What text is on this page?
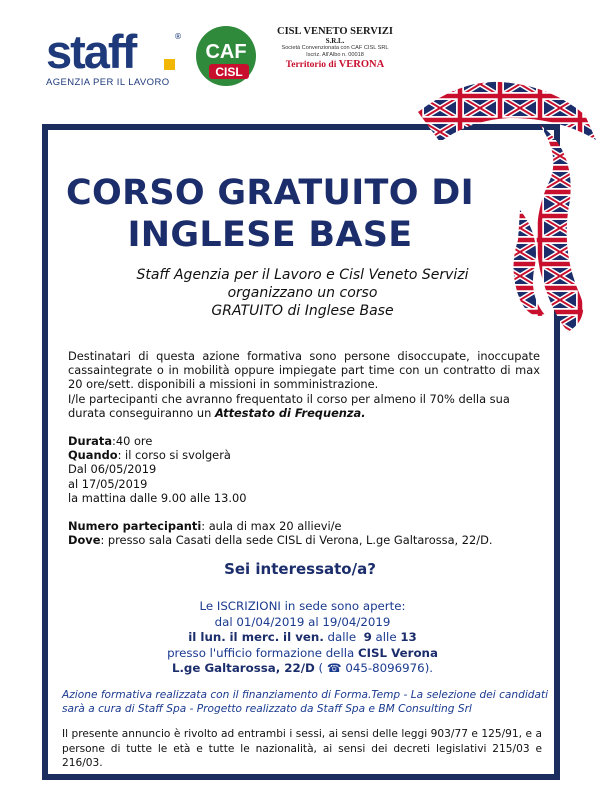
staff	®
AGENZIA PER IL LAVORO
CAF
CISL
CISL VENETO SERVIZI
S.R.L.
Società Convenzionata con CAF CISL SRL
Iscriz. All'Albo n. 00018
Territorio di VERONA
CORSO GRATUITO DI
INGLESE BASE
Staff Agenzia per il Lavoro e Cisl Veneto Servizi
organizzano un corso
GRATUITO di Inglese Base

Destinatari di questa azione formativa sono persone disoccupate, inoccupate cassaintegrate o in mobilità oppure impiegate part time con un contratto di max 20 ore/sett. disponibili a missioni in somministrazione.

I/le partecipanti che avranno frequentato il corso per almeno il 70% della sua durata conseguiranno un Attestato di Frequenza.

Durata:40 ore

Quando: il corso si svolgerà

Dal 06/05/2019

al 17/05/2019

la mattina dalle 9.00 alle 13.00

Numero partecipanti: aula di max 20 allievi/e

Dove: presso sala Casati della sede CISL di Verona, L.ge Galtarossa, 22/D.

Sei interessato/a?
Le ISCRIZIONI in sede sono aperte:
dal 01/04/2019 al 19/04/2019
il lun. il merc. il ven. dalle 9 alle 13
presso l'ufficio formazione della CISL Verona
L.ge Galtarossa, 22/D ( ☎ 045-8096976).
Azione formativa realizzata con il finanziamento di Forma.Temp - La selezione dei candidati sarà a cura di Staff Spa - Progetto realizzato da Staff Spa e BM Consulting Srl
Il presente annuncio è rivolto ad entrambi i sessi, ai sensi delle leggi 903/77 e 125/91, e a persone di tutte le età e tutte le nazionalità, ai sensi dei decreti legislativi 215/03 e 216/03.
